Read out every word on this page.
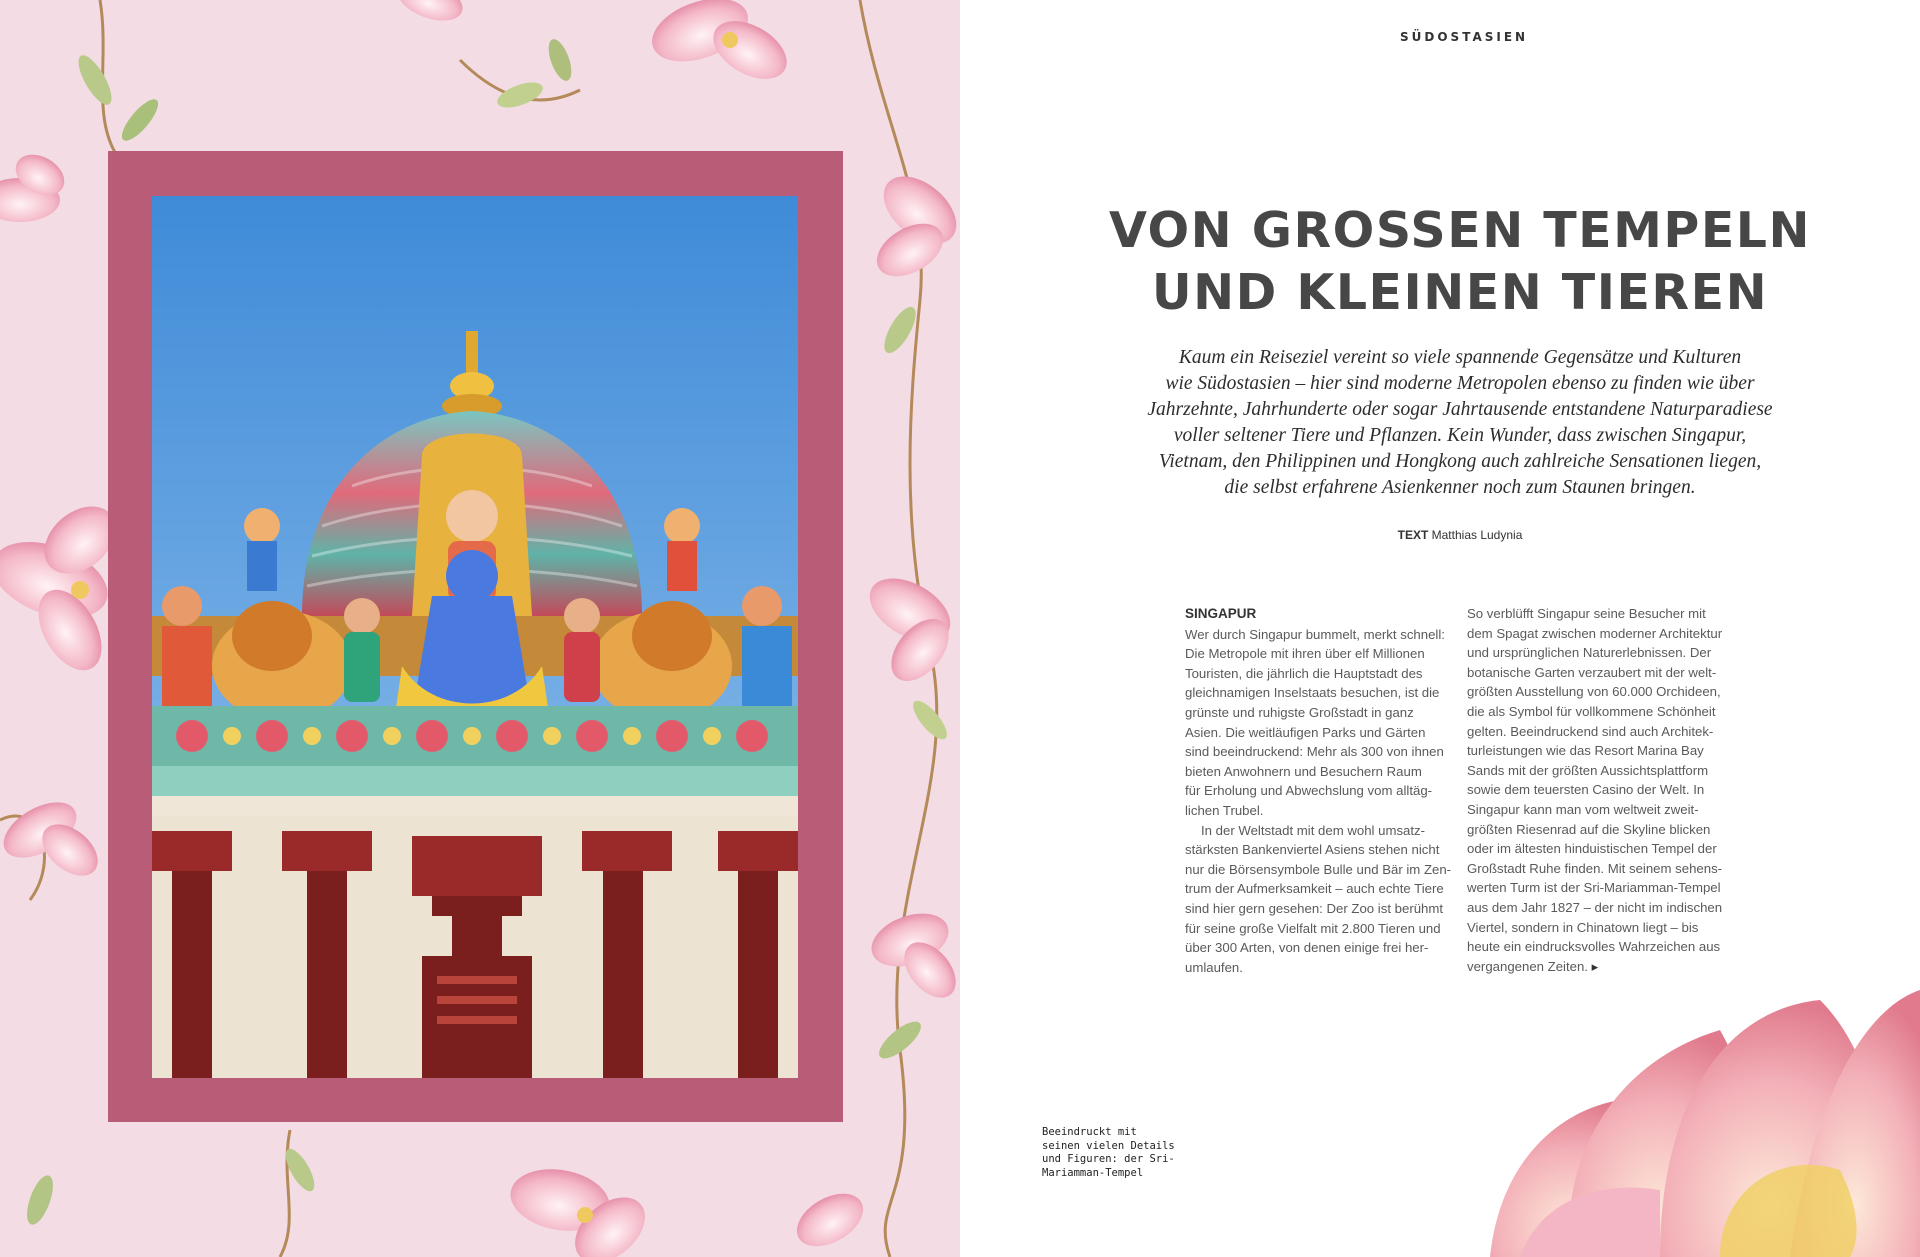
SÜDOSTASIEN
VON GROSSEN TEMPELN
UND KLEINEN TIEREN
Kaum ein Reiseziel vereint so viele spannende Gegensätze und Kulturen
wie Südostasien – hier sind moderne Metropolen ebenso zu finden wie über
Jahrzehnte, Jahrhunderte oder sogar Jahrtausende entstandene Naturparadiese
voller seltener Tiere und Pflanzen. Kein Wunder, dass zwischen Singapur,
Vietnam, den Philippinen und Hongkong auch zahlreiche Sensationen liegen,
die selbst erfahrene Asienkenner noch zum Staunen bringen.
TEXT Matthias Ludynia
SINGAPUR
Wer durch Singapur bummelt, merkt schnell:
Die Metropole mit ihren über elf Millionen
Touristen, die jährlich die Hauptstadt des
gleichnamigen Inselstaats besuchen, ist die
grünste und ruhigste Großstadt in ganz
Asien. Die weitläufigen Parks und Gärten
sind beeindruckend: Mehr als 300 von ihnen
bieten Anwohnern und Besuchern Raum
für Erholung und Abwechslung vom alltäg-
lichen Trubel.
In der Weltstadt mit dem wohl umsatz-
stärksten Bankenviertel Asiens stehen nicht
nur die Börsensymbole Bulle und Bär im Zen-
trum der Aufmerksamkeit – auch echte Tiere
sind hier gern gesehen: Der Zoo ist berühmt
für seine große Vielfalt mit 2.800 Tieren und
über 300 Arten, von denen einige frei her-
umlaufen.
So verblüfft Singapur seine Besucher mit
dem Spagat zwischen moderner Architektur
und ursprünglichen Naturerlebnissen. Der
botanische Garten verzaubert mit der welt-
größten Ausstellung von 60.000 Orchideen,
die als Symbol für vollkommene Schönheit
gelten. Beeindruckend sind auch Architek-
turleistungen wie das Resort Marina Bay
Sands mit der größten Aussichtsplattform
sowie dem teuersten Casino der Welt. In
Singapur kann man vom weltweit zweit-
größten Riesenrad auf die Skyline blicken
oder im ältesten hinduistischen Tempel der
Großstadt Ruhe finden. Mit seinem sehens-
werten Turm ist der Sri-Mariamman-Tempel
aus dem Jahr 1827 – der nicht im indischen
Viertel, sondern in Chinatown liegt – bis
heute ein eindrucksvolles Wahrzeichen aus
vergangenen Zeiten. ▸
Beeindruckt mit
seinen vielen Details
und Figuren: der Sri-
Mariamman-Tempel
